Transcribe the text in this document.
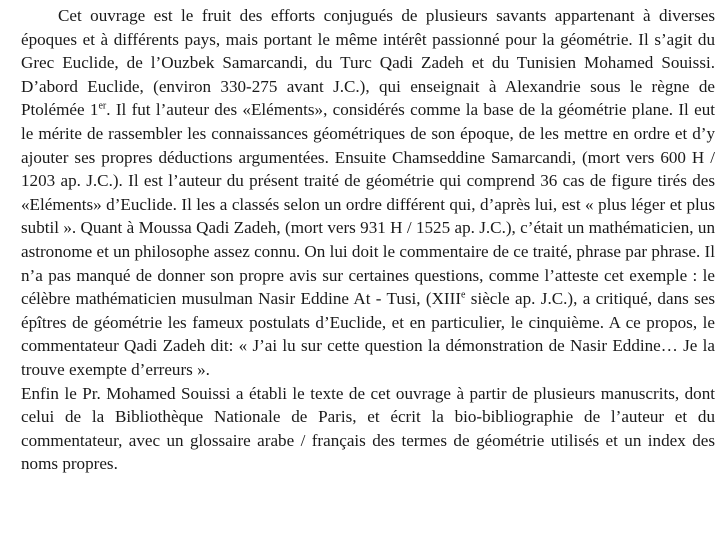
Cet ouvrage est le fruit des efforts conjugués de plusieurs savants appartenant à diverses époques et à différents pays, mais portant le même intérêt passionné pour la géométrie. Il s’agit du Grec Euclide, de l’Ouzbek Samarcandi, du Turc Qadi Zadeh et du Tunisien Mohamed Souissi. D’abord Euclide, (environ 330-275 avant J.C.), qui enseignait à Alexandrie sous le règne de Ptolémée 1er. Il fut l’auteur des «Eléments», considérés comme la base de la géométrie plane. Il eut le mérite de rassembler les connaissances géométriques de son époque, de les mettre en ordre et d’y ajouter ses propres déductions argumentées. Ensuite Chamseddine Samarcandi, (mort vers 600 H / 1203 ap. J.C.). Il est l’auteur du présent traité de géométrie qui comprend 36 cas de figure tirés des «Eléments» d’Euclide. Il les a classés selon un ordre différent qui, d’après lui, est « plus léger et plus subtil ». Quant à Moussa Qadi Zadeh, (mort vers 931 H / 1525 ap. J.C.), c’était un mathématicien, un astronome et un philosophe assez connu. On lui doit le commentaire de ce traité, phrase par phrase. Il n’a pas manqué de donner son propre avis sur certaines questions, comme l’atteste cet exemple : le célèbre mathématicien musulman Nasir Eddine At - Tusi, (XIIIe siècle ap. J.C.), a critiqué, dans ses épîtres de géométrie les fameux postulats d’Euclide, et en particulier, le cinquième. A ce propos, le commentateur Qadi Zadeh dit: « J’ai lu sur cette question la démonstration de Nasir Eddine… Je la trouve exempte d’erreurs ».

Enfin le Pr. Mohamed Souissi a établi le texte de cet ouvrage à partir de plusieurs manuscrits, dont celui de la Bibliothèque Nationale de Paris, et écrit la bio-bibliographie de l’auteur et du commentateur, avec un glossaire arabe / français des termes de géométrie utilisés et un index des noms propres.
